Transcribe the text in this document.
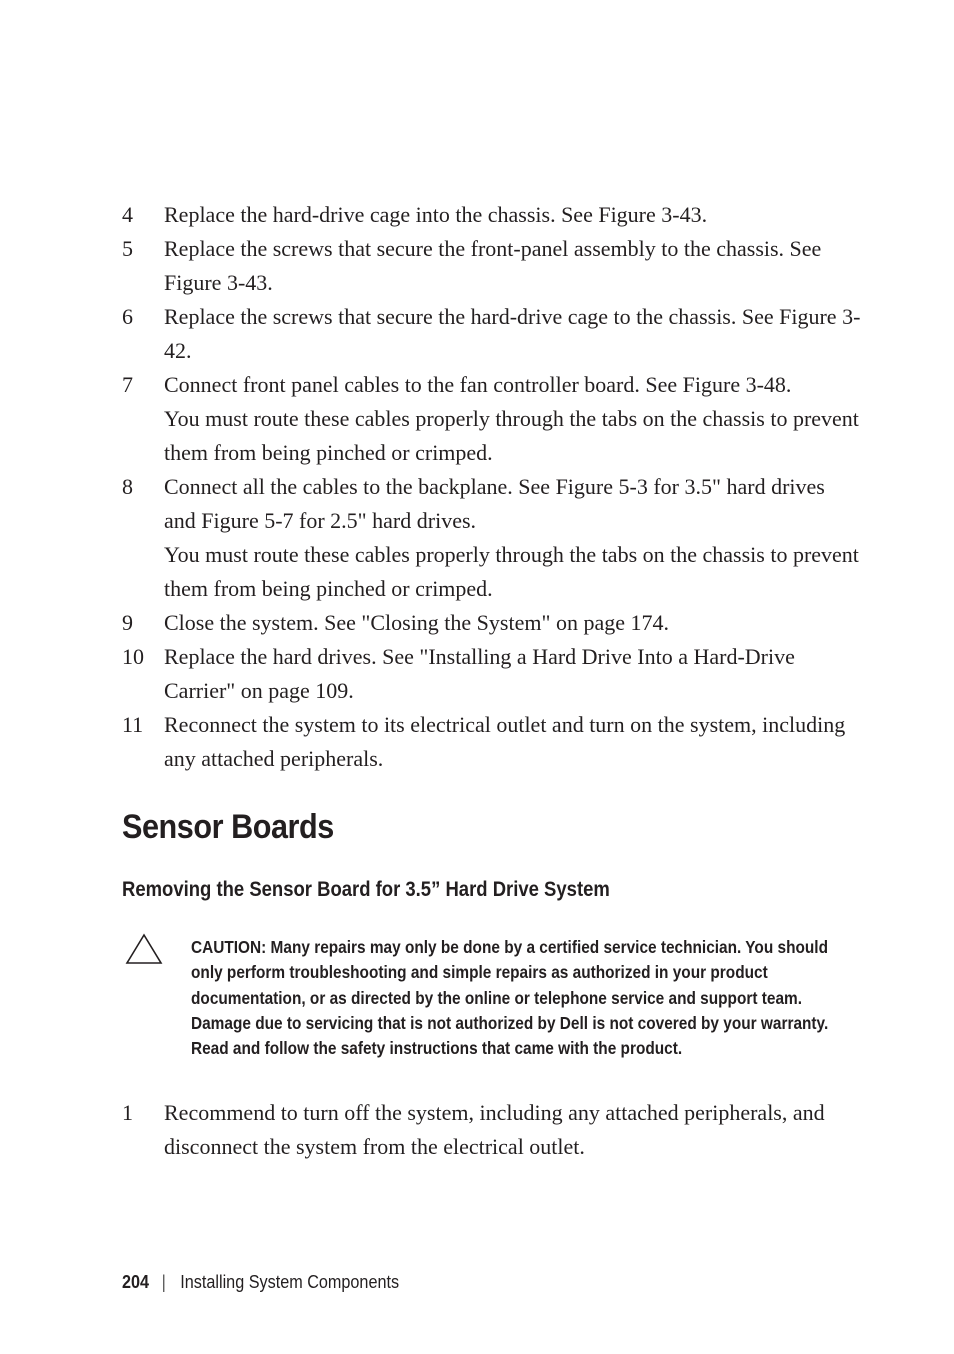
4	Replace the hard-drive cage into the chassis. See Figure 3-43.
5	Replace the screws that secure the front-panel assembly to the chassis. See Figure 3-43.
6	Replace the screws that secure the hard-drive cage to the chassis. See Figure 3-42.
7	Connect front panel cables to the fan controller board. See Figure 3-48.
You must route these cables properly through the tabs on the chassis to prevent them from being pinched or crimped.
8	Connect all the cables to the backplane. See Figure 5-3 for 3.5" hard drives and Figure 5-7 for 2.5" hard drives.
You must route these cables properly through the tabs on the chassis to prevent them from being pinched or crimped.
9	Close the system. See "Closing the System" on page 174.
10 Replace the hard drives. See "Installing a Hard Drive Into a Hard-Drive Carrier" on page 109.
11 Reconnect the system to its electrical outlet and turn on the system, including any attached peripherals.
Sensor Boards
Removing the Sensor Board for 3.5” Hard Drive System
CAUTION: Many repairs may only be done by a certified service technician. You should only perform troubleshooting and simple repairs as authorized in your product documentation, or as directed by the online or telephone service and support team. Damage due to servicing that is not authorized by Dell is not covered by your warranty. Read and follow the safety instructions that came with the product.
1	Recommend to turn off the system, including any attached peripherals, and disconnect the system from the electrical outlet.
204 | Installing System Components
